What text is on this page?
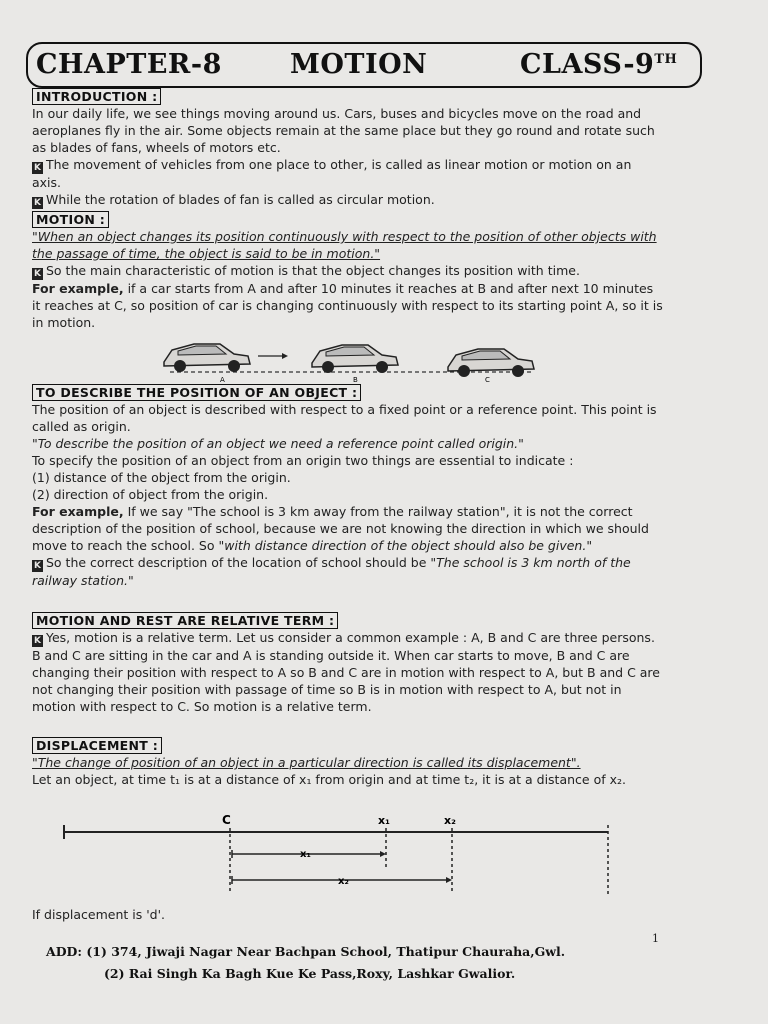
CHAPTER-8	MOTION	CLASS-9TH
INTRODUCTION :

In our daily life, we see things moving around us. Cars, buses and bicycles move on the road and aeroplanes fly in the air. Some objects remain at the same place but they go round and rotate such as blades of fans, wheels of motors etc.

K The movement of vehicles from one place to other, is called as linear motion or motion on an axis.

K While the rotation of blades of fan is called as circular motion.

MOTION :

"When an object changes its position continuously with respect to the position of other objects with the passage of time, the object is said to be in motion."

K So the main characteristic of motion is that the object changes its position with time.

For example, if a car starts from A and after 10 minutes it reaches at B and after next 10 minutes it reaches at C, so position of car is changing continuously with respect to its starting point A, so it is in motion.

A	B	C
TO DESCRIBE THE POSITION OF AN OBJECT :

The position of an object is described with respect to a fixed point or a reference point. This point is called as origin.

"To describe the position of an object we need a reference point called origin."

To specify the position of an object from an origin two things are essential to indicate :

(1) distance of the object from the origin.

(2) direction of object from the origin.

For example, If we say "The school is 3 km away from the railway station", it is not the correct description of the position of school, because we are not knowing the direction in which we should move to reach the school. So "with distance direction of the object should also be given."

K So the correct description of the location of school should be "The school is 3 km north of the railway station."

MOTION AND REST ARE RELATIVE TERM :

K Yes, motion is a relative term. Let us consider a common example : A, B and C are three persons. B and C are sitting in the car and A is standing outside it. When car starts to move, B and C are changing their position with respect to A so B and C are in motion with respect to A, but B and C are not changing their position with passage of time so B is in motion with respect to A, but not in motion with respect to C. So motion is a relative term.

DISPLACEMENT :

"The change of position of an object in a particular direction is called its displacement".

Let an object, at time t₁ is at a distance of x₁ from origin and at time t₂, it is at a distance of x₂.

C	x₁	x₂
x₁
x₂

If displacement is 'd'.

1
ADD: (1) 374, Jiwaji Nagar Near Bachpan School, Thatipur Chauraha,Gwl.
(2) Rai Singh Ka Bagh Kue Ke Pass,Roxy, Lashkar Gwalior.
